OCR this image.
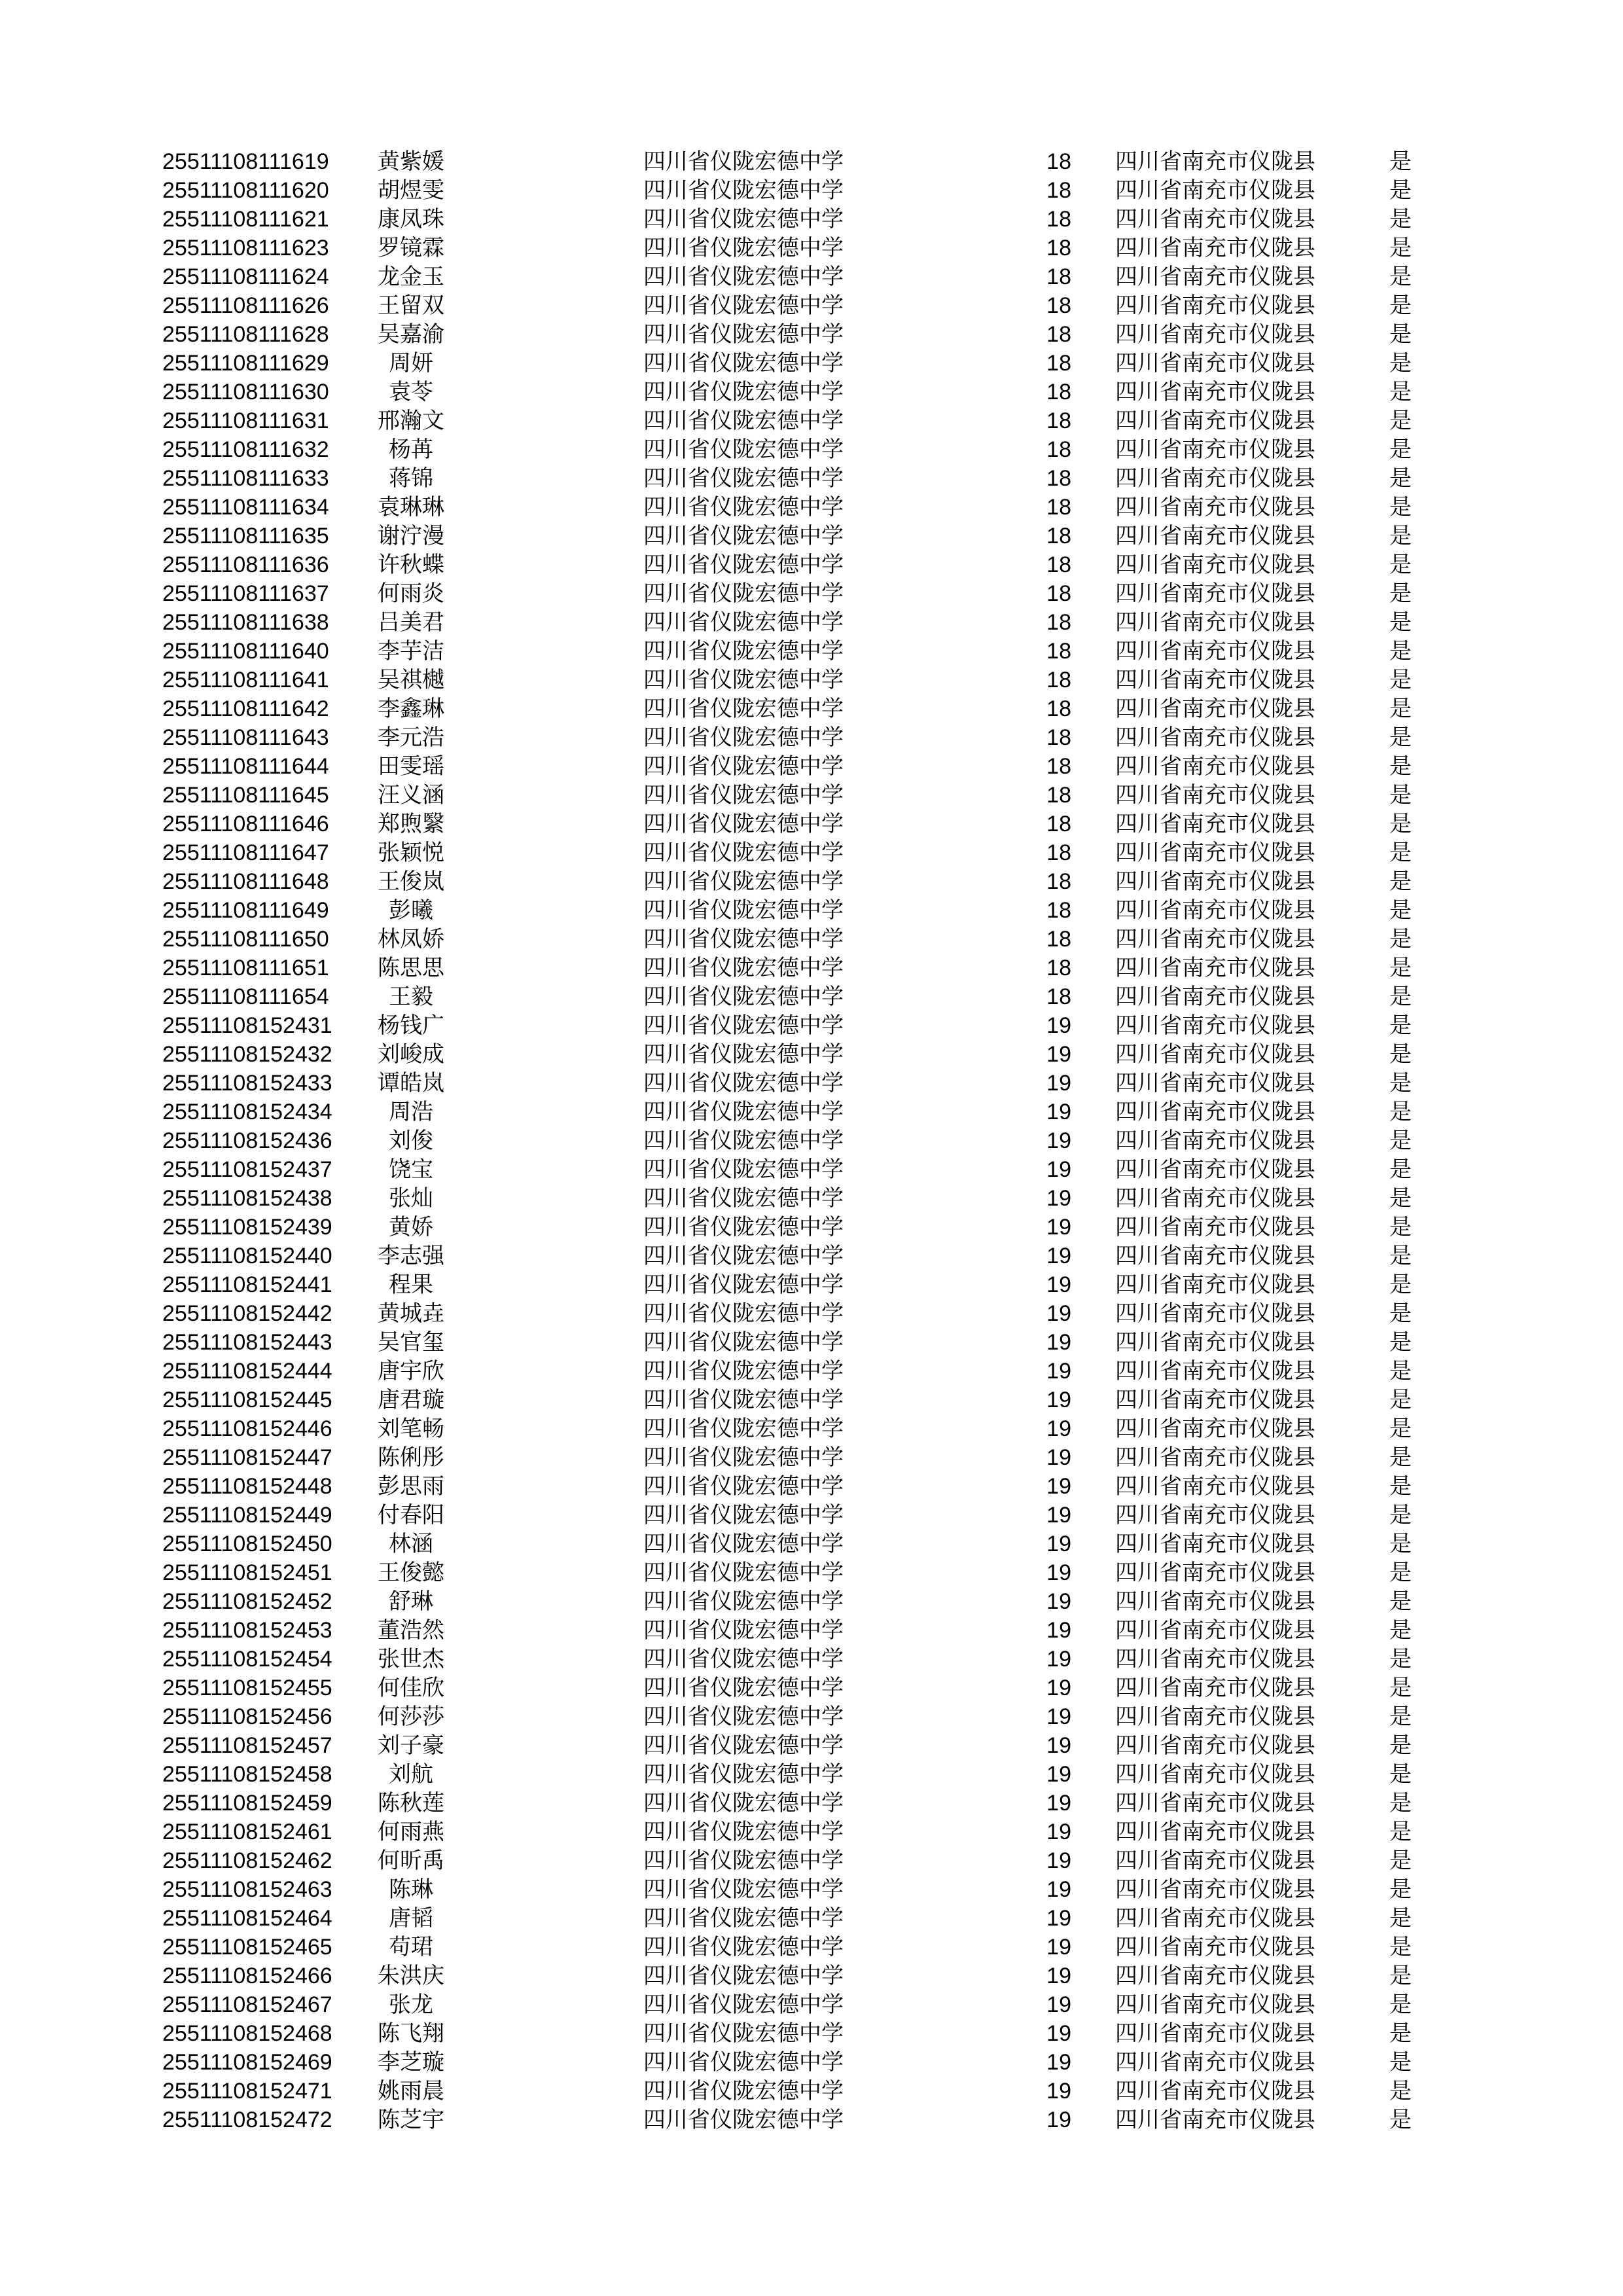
25511108111619 黄紫媛	四川省仪陇宏德中学	18 四川省南充市仪陇县	是
25511108111620 胡煜雯	四川省仪陇宏德中学	18 四川省南充市仪陇县	是
25511108111621 康凤珠	四川省仪陇宏德中学	18 四川省南充市仪陇县	是
25511108111623 罗镜霖	四川省仪陇宏德中学	18 四川省南充市仪陇县	是
25511108111624 龙金玉	四川省仪陇宏德中学	18 四川省南充市仪陇县	是
25511108111626 王留双	四川省仪陇宏德中学	18 四川省南充市仪陇县	是
25511108111628 吴嘉渝	四川省仪陇宏德中学	18 四川省南充市仪陇县	是
25511108111629	周妍	四川省仪陇宏德中学	18 四川省南充市仪陇县	是
25511108111630	袁苓	四川省仪陇宏德中学	18 四川省南充市仪陇县	是
25511108111631 邢瀚文	四川省仪陇宏德中学	18 四川省南充市仪陇县	是
25511108111632	杨苒	四川省仪陇宏德中学	18 四川省南充市仪陇县	是
25511108111633	蒋锦	四川省仪陇宏德中学	18 四川省南充市仪陇县	是
25511108111634 袁琳琳	四川省仪陇宏德中学	18 四川省南充市仪陇县	是
25511108111635 谢泞漫	四川省仪陇宏德中学	18 四川省南充市仪陇县	是
25511108111636 许秋蝶	四川省仪陇宏德中学	18 四川省南充市仪陇县	是
25511108111637 何雨炎	四川省仪陇宏德中学	18 四川省南充市仪陇县	是
25511108111638 吕美君	四川省仪陇宏德中学	18 四川省南充市仪陇县	是
25511108111640 李芋洁	四川省仪陇宏德中学	18 四川省南充市仪陇县	是
25511108111641 吴祺樾	四川省仪陇宏德中学	18 四川省南充市仪陇县	是
25511108111642 李鑫琳	四川省仪陇宏德中学	18 四川省南充市仪陇县	是
25511108111643 李元浩	四川省仪陇宏德中学	18 四川省南充市仪陇县	是
25511108111644 田雯瑶	四川省仪陇宏德中学	18 四川省南充市仪陇县	是
25511108111645 汪义涵	四川省仪陇宏德中学	18 四川省南充市仪陇县	是
25511108111646 郑煦繄	四川省仪陇宏德中学	18 四川省南充市仪陇县	是
25511108111647 张颖悦	四川省仪陇宏德中学	18 四川省南充市仪陇县	是
25511108111648 王俊岚	四川省仪陇宏德中学	18 四川省南充市仪陇县	是
25511108111649	彭曦	四川省仪陇宏德中学	18 四川省南充市仪陇县	是
25511108111650 林凤娇	四川省仪陇宏德中学	18 四川省南充市仪陇县	是
25511108111651 陈思思	四川省仪陇宏德中学	18 四川省南充市仪陇县	是
25511108111654	王毅	四川省仪陇宏德中学	18 四川省南充市仪陇县	是
25511108152431 杨钱广	四川省仪陇宏德中学	19 四川省南充市仪陇县	是
25511108152432 刘峻成	四川省仪陇宏德中学	19 四川省南充市仪陇县	是
25511108152433 谭皓岚	四川省仪陇宏德中学	19 四川省南充市仪陇县	是
25511108152434	周浩	四川省仪陇宏德中学	19 四川省南充市仪陇县	是
25511108152436	刘俊	四川省仪陇宏德中学	19 四川省南充市仪陇县	是
25511108152437	饶宝	四川省仪陇宏德中学	19 四川省南充市仪陇县	是
25511108152438	张灿	四川省仪陇宏德中学	19 四川省南充市仪陇县	是
25511108152439	黄娇	四川省仪陇宏德中学	19 四川省南充市仪陇县	是
25511108152440 李志强	四川省仪陇宏德中学	19 四川省南充市仪陇县	是
25511108152441	程果	四川省仪陇宏德中学	19 四川省南充市仪陇县	是
25511108152442 黄城垚	四川省仪陇宏德中学	19 四川省南充市仪陇县	是
25511108152443 吴官玺	四川省仪陇宏德中学	19 四川省南充市仪陇县	是
25511108152444 唐宇欣	四川省仪陇宏德中学	19 四川省南充市仪陇县	是
25511108152445 唐君璇	四川省仪陇宏德中学	19 四川省南充市仪陇县	是
25511108152446 刘笔畅	四川省仪陇宏德中学	19 四川省南充市仪陇县	是
25511108152447 陈俐彤	四川省仪陇宏德中学	19 四川省南充市仪陇县	是
25511108152448 彭思雨	四川省仪陇宏德中学	19 四川省南充市仪陇县	是
25511108152449 付春阳	四川省仪陇宏德中学	19 四川省南充市仪陇县	是
25511108152450	林涵	四川省仪陇宏德中学	19 四川省南充市仪陇县	是
25511108152451 王俊懿	四川省仪陇宏德中学	19 四川省南充市仪陇县	是
25511108152452	舒琳	四川省仪陇宏德中学	19 四川省南充市仪陇县	是
25511108152453 董浩然	四川省仪陇宏德中学	19 四川省南充市仪陇县	是
25511108152454 张世杰	四川省仪陇宏德中学	19 四川省南充市仪陇县	是
25511108152455 何佳欣	四川省仪陇宏德中学	19 四川省南充市仪陇县	是
25511108152456 何莎莎	四川省仪陇宏德中学	19 四川省南充市仪陇县	是
25511108152457 刘子豪	四川省仪陇宏德中学	19 四川省南充市仪陇县	是
25511108152458	刘航	四川省仪陇宏德中学	19 四川省南充市仪陇县	是
25511108152459 陈秋莲	四川省仪陇宏德中学	19 四川省南充市仪陇县	是
25511108152461 何雨燕	四川省仪陇宏德中学	19 四川省南充市仪陇县	是
25511108152462 何昕禹	四川省仪陇宏德中学	19 四川省南充市仪陇县	是
25511108152463	陈琳	四川省仪陇宏德中学	19 四川省南充市仪陇县	是
25511108152464	唐韬	四川省仪陇宏德中学	19 四川省南充市仪陇县	是
25511108152465	苟珺	四川省仪陇宏德中学	19 四川省南充市仪陇县	是
25511108152466 朱洪庆	四川省仪陇宏德中学	19 四川省南充市仪陇县	是
25511108152467	张龙	四川省仪陇宏德中学	19 四川省南充市仪陇县	是
25511108152468 陈飞翔	四川省仪陇宏德中学	19 四川省南充市仪陇县	是
25511108152469 李芝璇	四川省仪陇宏德中学	19 四川省南充市仪陇县	是
25511108152471 姚雨晨	四川省仪陇宏德中学	19 四川省南充市仪陇县	是
25511108152472 陈芝宇	四川省仪陇宏德中学	19 四川省南充市仪陇县	是
